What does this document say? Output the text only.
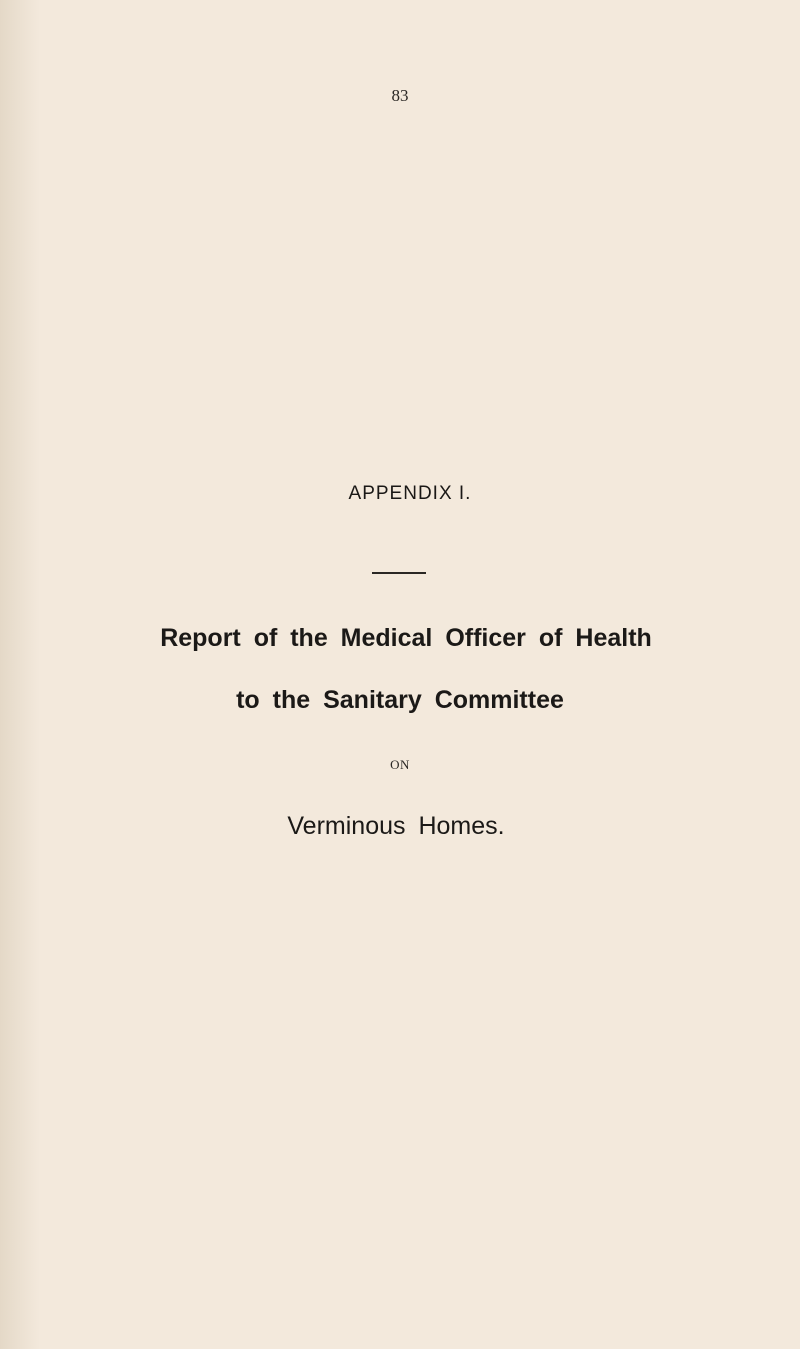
83
APPENDIX I.
Report of the Medical Officer of Health
to the Sanitary Committee
ON
Verminous Homes.
